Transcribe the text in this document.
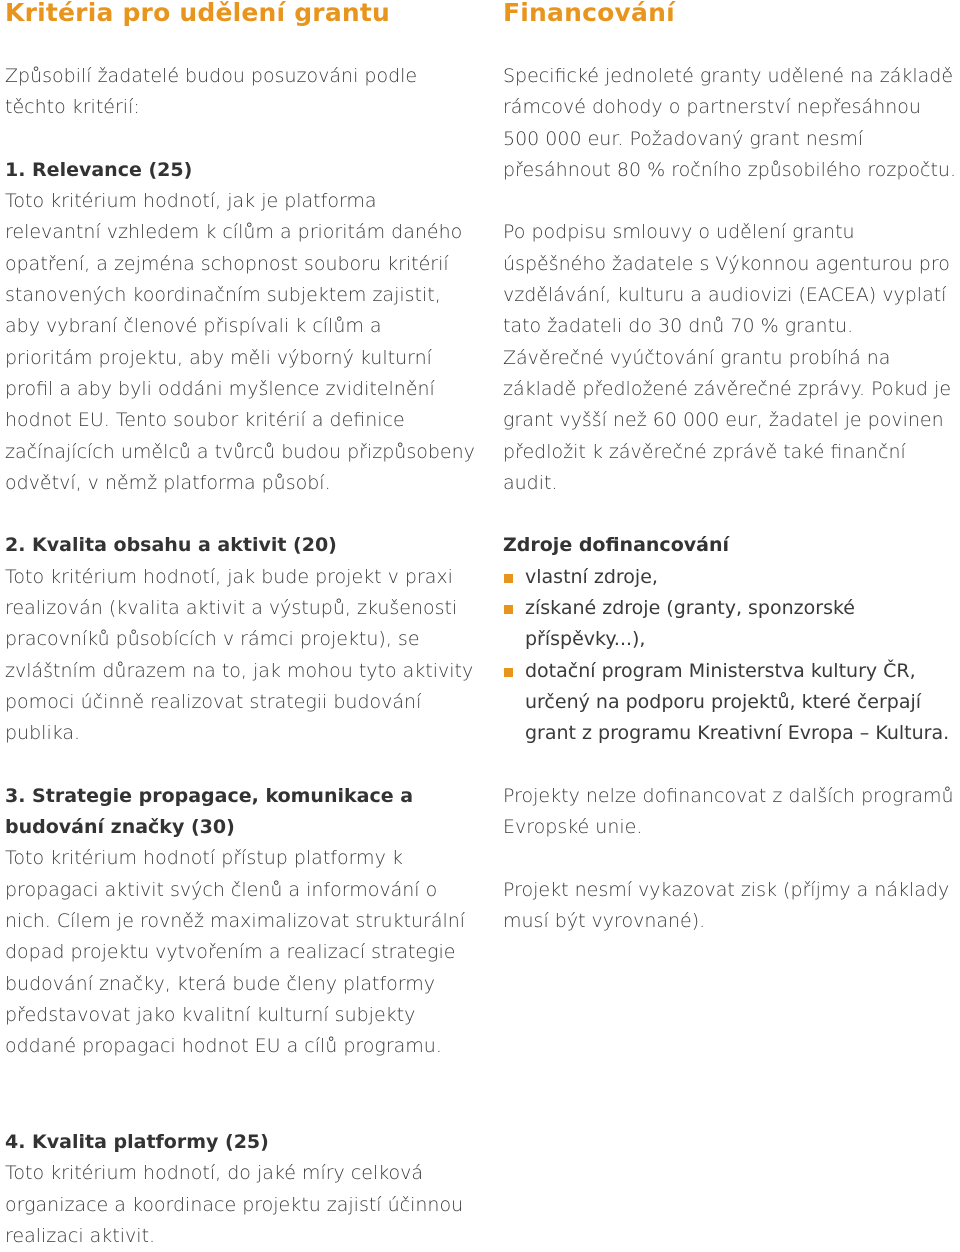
Kritéria pro udělení grantu

Způsobilí žadatelé budou posuzováni podle těchto kritérií:

1. Relevance (25)

Toto kritérium hodnotí, jak je platforma relevantní vzhledem k cílům a prioritám daného opatření, a zejména schopnost souboru kritérií stanovených koordinačním subjektem zajistit, aby vybraní členové přispívali k cílům a prioritám projektu, aby měli výborný kulturní profil a aby byli oddáni myšlence zviditelnění hodnot EU. Tento soubor kritérií a definice začínajících umělců a tvůrců budou přizpůsobeny odvětví, v němž platforma působí.

2. Kvalita obsahu a aktivit (20)

Toto kritérium hodnotí, jak bude projekt v praxi realizován (kvalita aktivit a výstupů, zkušenosti pracovníků působících v rámci projektu), se zvláštním důrazem na to, jak mohou tyto aktivity pomoci účinně realizovat strategii budování publika.

3. Strategie propagace, komunikace a budování značky (30)

Toto kritérium hodnotí přístup platformy k propagaci aktivit svých členů a informování o nich. Cílem je rovněž maximalizovat strukturální dopad projektu vytvořením a realizací strategie budování značky, která bude členy platformy představovat jako kvalitní kulturní subjekty oddané propagaci hodnot EU a cílů programu.

4. Kvalita platformy (25)

Toto kritérium hodnotí, do jaké míry celková organizace a koordinace projektu zajistí účinnou realizaci aktivit.

Financování

Specifické jednoleté granty udělené na základě rámcové dohody o partnerství nepřesáhnou 500 000 eur. Požadovaný grant nesmí přesáhnout 80 % ročního způsobilého rozpočtu.

Po podpisu smlouvy o udělení grantu úspěšného žadatele s Výkonnou agenturou pro vzdělávání, kulturu a audiovizi (EACEA) vyplatí tato žadateli do 30 dnů 70 % grantu. Závěrečné vyúčtování grantu probíhá na základě předložené závěrečné zprávy. Pokud je grant vyšší než 60 000 eur, žadatel je povinen předložit k závěrečné zprávě také finanční audit.

Zdroje dofinancování

vlastní zdroje,
získané zdroje (granty, sponzorské příspěvky...),
dotační program Ministerstva kultury ČR, určený na podporu projektů, které čerpají grant z programu Kreativní Evropa – Kultura.

Projekty nelze dofinancovat z dalších programů Evropské unie.

Projekt nesmí vykazovat zisk (příjmy a náklady musí být vyrovnané).
